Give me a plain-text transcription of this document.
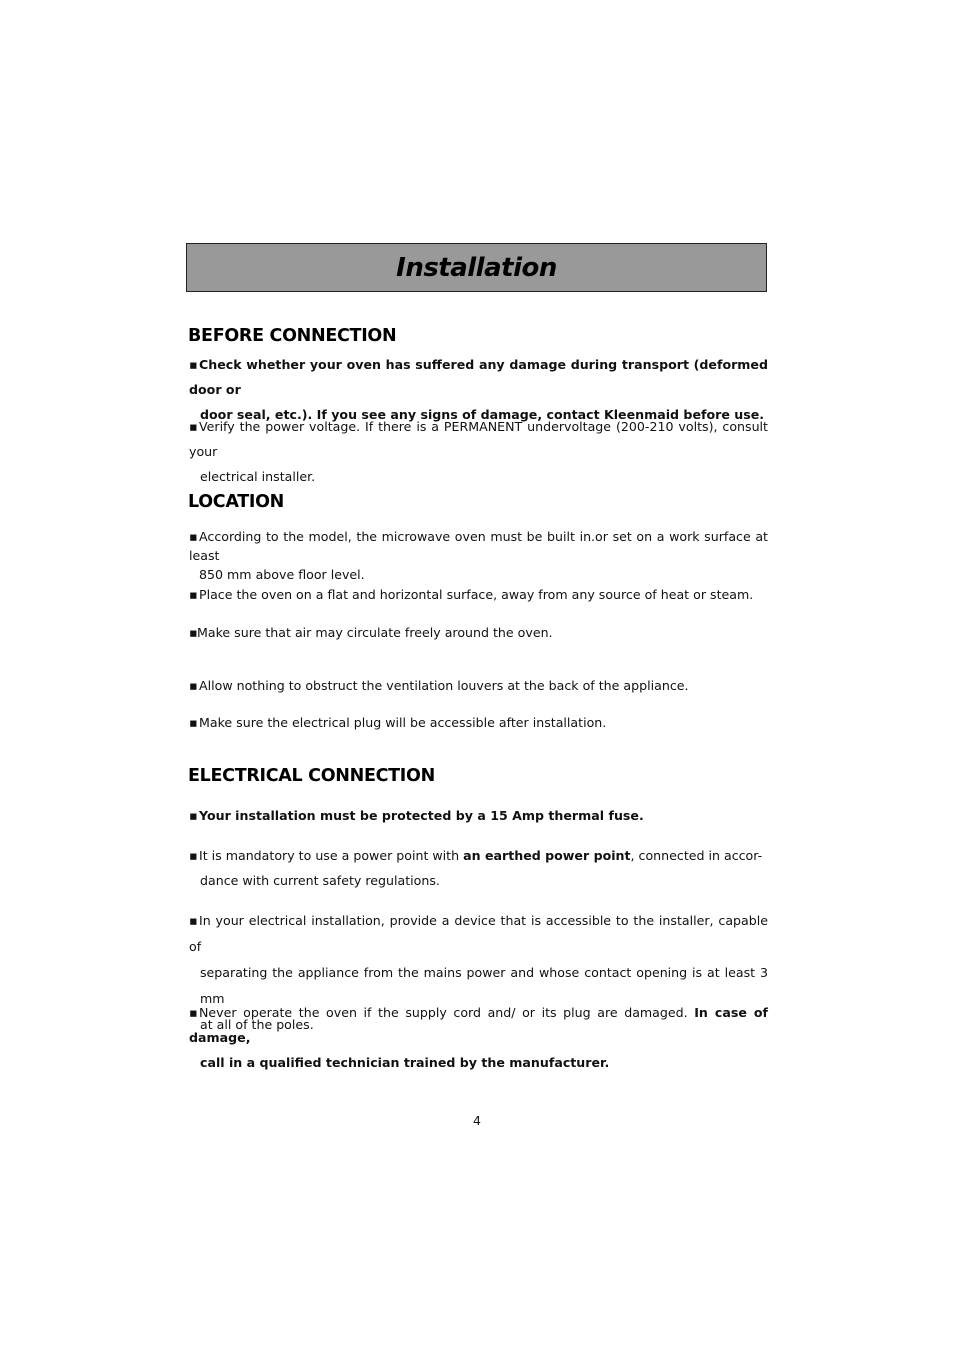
Installation
BEFORE CONNECTION
▪Check whether your oven has suffered any damage during transport (deformed door or
door seal, etc.). If you see any signs of damage, contact Kleenmaid before use.
▪Verify the power voltage. If there is a PERMANENT undervoltage (200-210 volts), consult your
electrical installer.
LOCATION
▪According to the model, the microwave oven must be built in.or set on a work surface at least
850 mm above floor level.
▪Place the oven on a flat and horizontal surface, away from any source of heat or steam.
▪Make sure that air may circulate freely around the oven.
▪Allow nothing to obstruct the ventilation louvers at the back of the appliance.
▪Make sure the electrical plug will be accessible after installation.
ELECTRICAL CONNECTION
▪Your installation must be protected by a 15 Amp thermal fuse.
▪It is mandatory to use a power point with an earthed power point, connected in accor-
dance with current safety regulations.
▪In your electrical installation, provide a device that is accessible to the installer, capable of
separating the appliance from the mains power and whose contact opening is at least 3 mm
at all of the poles.
▪Never operate the oven if the supply cord and/ or its plug are damaged. In case of damage,
call in a qualified technician trained by the manufacturer.
4
